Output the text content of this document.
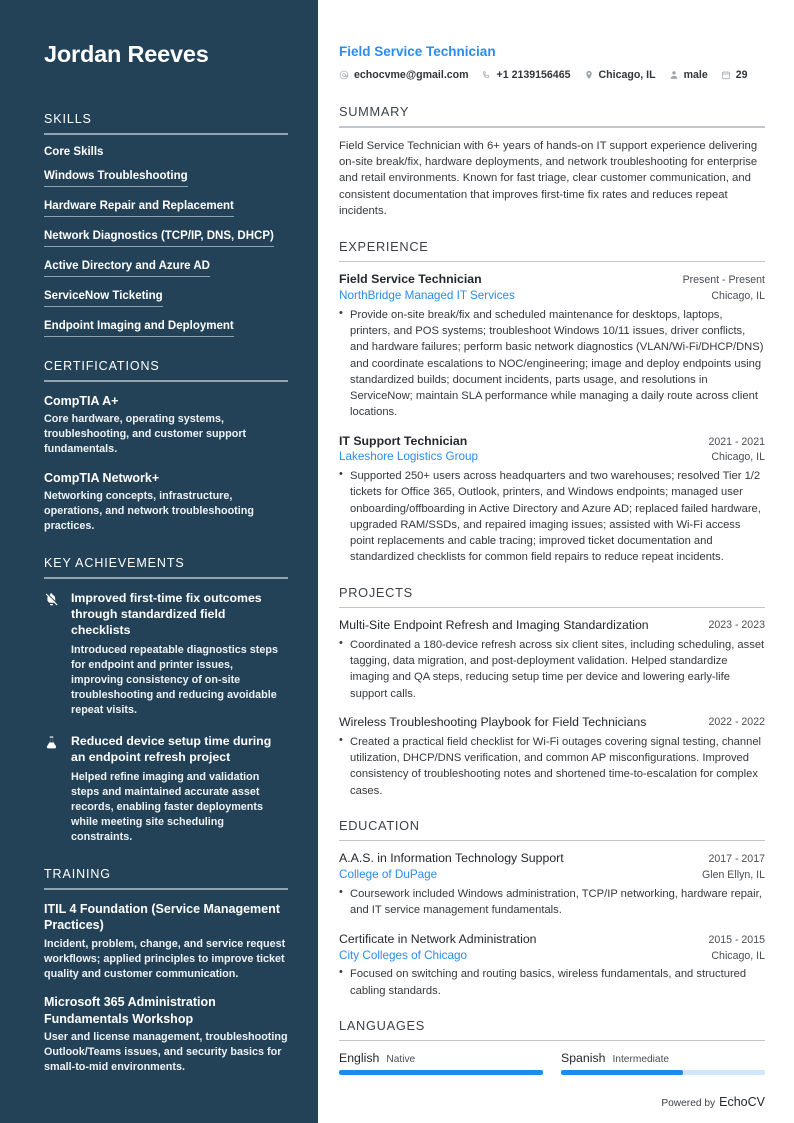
Jordan Reeves
SKILLS
Core Skills
Windows Troubleshooting
Hardware Repair and Replacement
Network Diagnostics (TCP/IP, DNS, DHCP)
Active Directory and Azure AD
ServiceNow Ticketing
Endpoint Imaging and Deployment
CERTIFICATIONS
CompTIA A+
Core hardware, operating systems, troubleshooting, and customer support fundamentals.
CompTIA Network+
Networking concepts, infrastructure, operations, and network troubleshooting practices.
KEY ACHIEVEMENTS
Improved first-time fix outcomes through standardized field checklists
Introduced repeatable diagnostics steps for endpoint and printer issues, improving consistency of on-site troubleshooting and reducing avoidable repeat visits.
Reduced device setup time during an endpoint refresh project
Helped refine imaging and validation steps and maintained accurate asset records, enabling faster deployments while meeting site scheduling constraints.
TRAINING
ITIL 4 Foundation (Service Management Practices)
Incident, problem, change, and service request workflows; applied principles to improve ticket quality and customer communication.
Microsoft 365 Administration Fundamentals Workshop
User and license management, troubleshooting Outlook/Teams issues, and security basics for small-to-mid environments.
Field Service Technician
echocvme@gmail.com	+1 2139156465	Chicago, IL	male	29
SUMMARY

Field Service Technician with 6+ years of hands-on IT support experience delivering on-site break/fix, hardware deployments, and network troubleshooting for enterprise and retail environments. Known for fast triage, clear customer communication, and consistent documentation that improves first-time fix rates and reduces repeat incidents.

EXPERIENCE
Field Service Technician	Present - Present
NorthBridge Managed IT Services	Chicago, IL
• Provide on-site break/fix and scheduled maintenance for desktops, laptops, printers, and POS systems; troubleshoot Windows 10/11 issues, driver conflicts, and hardware failures; perform basic network diagnostics (VLAN/Wi-Fi/DHCP/DNS) and coordinate escalations to NOC/engineering; image and deploy endpoints using standardized builds; document incidents, parts usage, and resolutions in ServiceNow; maintain SLA performance while managing a daily route across client locations.
IT Support Technician	2021 - 2021
Lakeshore Logistics Group	Chicago, IL
• Supported 250+ users across headquarters and two warehouses; resolved Tier 1/2 tickets for Office 365, Outlook, printers, and Windows endpoints; managed user onboarding/offboarding in Active Directory and Azure AD; replaced failed hardware, upgraded RAM/SSDs, and repaired imaging issues; assisted with Wi-Fi access point replacements and cable tracing; improved ticket documentation and standardized checklists for common field repairs to reduce repeat incidents.
PROJECTS
Multi-Site Endpoint Refresh and Imaging Standardization	2023 - 2023
• Coordinated a 180-device refresh across six client sites, including scheduling, asset tagging, data migration, and post-deployment validation. Helped standardize imaging and QA steps, reducing setup time per device and lowering early-life support calls.
Wireless Troubleshooting Playbook for Field Technicians	2022 - 2022
• Created a practical field checklist for Wi-Fi outages covering signal testing, channel utilization, DHCP/DNS verification, and common AP misconfigurations. Improved consistency of troubleshooting notes and shortened time-to-escalation for complex cases.
EDUCATION
A.A.S. in Information Technology Support	2017 - 2017
College of DuPage	Glen Ellyn, IL
• Coursework included Windows administration, TCP/IP networking, hardware repair, and IT service management fundamentals.
Certificate in Network Administration	2015 - 2015
City Colleges of Chicago	Chicago, IL
• Focused on switching and routing basics, wireless fundamentals, and structured cabling standards.
LANGUAGES
English Native	Spanish Intermediate
Powered by EchoCV
